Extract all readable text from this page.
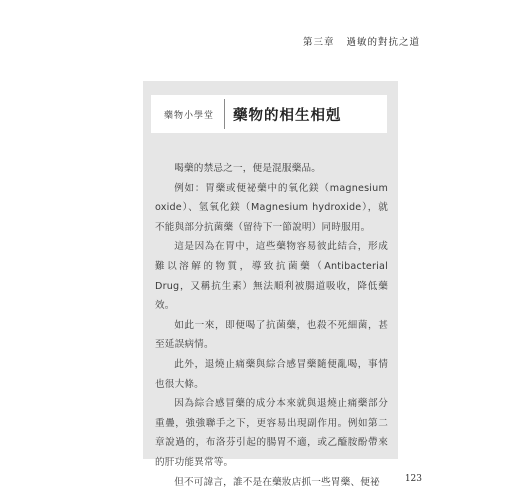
第三章 過敏的對抗之道
藥物小學堂	藥物的相生相剋

喝藥的禁忌之一，便是混服藥品。

例如：胃藥或便祕藥中的氧化鎂（magnesium oxide）、氫氧化鎂（Magnesium hydroxide），就不能與部分抗菌藥（留待下一節說明）同時服用。

這是因為在胃中，這些藥物容易彼此結合，形成難以溶解的物質，導致抗菌藥（Antibacterial Drug，又稱抗生素）無法順利被腸道吸收，降低藥效。

如此一來，即便喝了抗菌藥，也殺不死細菌，甚至延誤病情。

此外，退燒止痛藥與綜合感冒藥隨便亂喝，事情也很大條。

因為綜合感冒藥的成分本來就與退燒止痛藥部分重疊，強強聯手之下，更容易出現副作用。例如第二章說過的，布洛芬引起的腸胃不適，或乙醯胺酚帶來的肝功能異常等。

但不可諱言，誰不是在藥妝店抓一些胃藥、便祕	123
